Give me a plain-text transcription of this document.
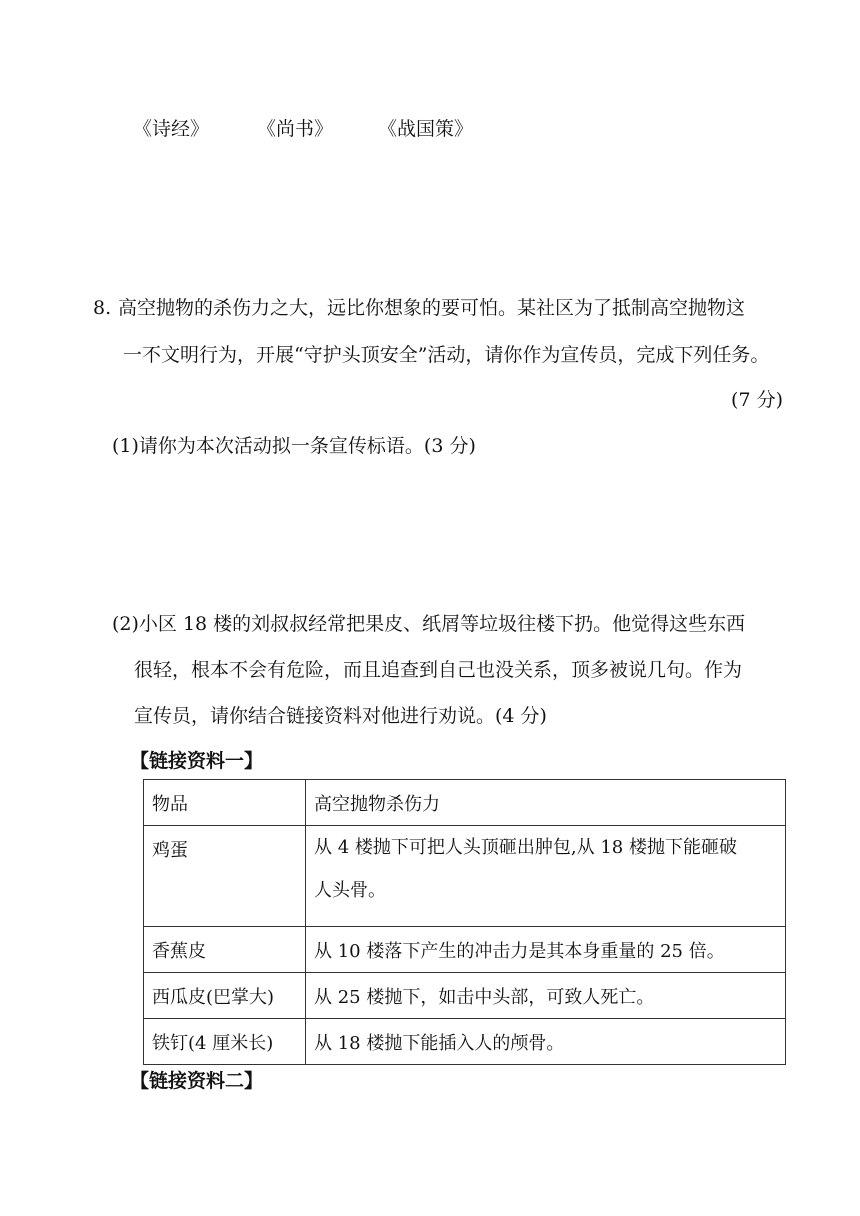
《诗经》	《尚书》 《战国策》
8. 高空抛物的杀伤力之大，远比你想象的要可怕。某社区为了抵制高空抛物这
一不文明行为，开展“守护头顶安全”活动，请你作为宣传员，完成下列任务。
(7 分)
(1)请你为本次活动拟一条宣传标语。(3 分)
(2)小区 18 楼的刘叔叔经常把果皮、纸屑等垃圾往楼下扔。他觉得这些东西
很轻，根本不会有危险，而且追查到自己也没关系，顶多被说几句。作为
宣传员，请你结合链接资料对他进行劝说。(4 分)
【链接资料一】
物品	高空抛物杀伤力
鸡蛋	从 4 楼抛下可把人头顶砸出肿包,从 18 楼抛下能砸破
人头骨。

香蕉皮	从 10 楼落下产生的冲击力是其本身重量的 25 倍。
西瓜皮(巴掌大)	从 25 楼抛下，如击中头部，可致人死亡。
铁钉(4 厘米长)	从 18 楼抛下能插入人的颅骨。
【链接资料二】
